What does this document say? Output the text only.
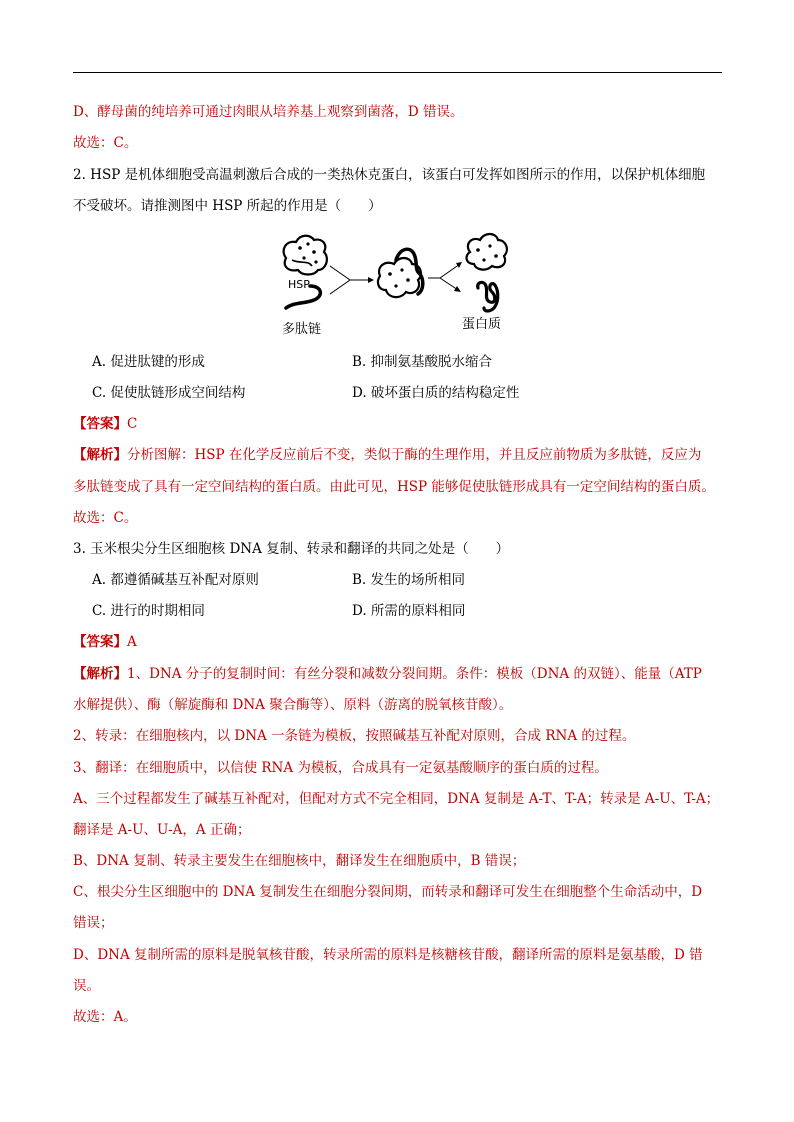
D、酵母菌的纯培养可通过肉眼从培养基上观察到菌落，D 错误。
故选：C。
2. HSP 是机体细胞受高温刺激后合成的一类热休克蛋白，该蛋白可发挥如图所示的作用，以保护机体细胞
不受破坏。请推测图中 HSP 所起的作用是（　　）
HSP
多肽链	蛋白质
A. 促进肽键的形成	B. 抑制氨基酸脱水缩合
C. 促使肽链形成空间结构	D. 破坏蛋白质的结构稳定性
【答案】C
【解析】分析图解：HSP 在化学反应前后不变，类似于酶的生理作用，并且反应前物质为多肽链，反应为
多肽链变成了具有一定空间结构的蛋白质。由此可见，HSP 能够促使肽链形成具有一定空间结构的蛋白质。
故选：C。
3. 玉米根尖分生区细胞核 DNA 复制、转录和翻译的共同之处是（　　）
A. 都遵循碱基互补配对原则	B. 发生的场所相同
C. 进行的时期相同	D. 所需的原料相同
【答案】A
【解析】1、DNA 分子的复制时间：有丝分裂和减数分裂间期。条件：模板（DNA 的双链）、能量（ATP
水解提供）、酶（解旋酶和 DNA 聚合酶等）、原料（游离的脱氧核苷酸）。
2、转录：在细胞核内，以 DNA 一条链为模板，按照碱基互补配对原则，合成 RNA 的过程。
3、翻译：在细胞质中，以信使 RNA 为模板，合成具有一定氨基酸顺序的蛋白质的过程。
A、三个过程都发生了碱基互补配对，但配对方式不完全相同，DNA 复制是 A-T、T-A；转录是 A-U、T-A；
翻译是 A-U、U-A，A 正确；
B、DNA 复制、转录主要发生在细胞核中，翻译发生在细胞质中，B 错误；
C、根尖分生区细胞中的 DNA 复制发生在细胞分裂间期，而转录和翻译可发生在细胞整个生命活动中，D
错误；
D、DNA 复制所需的原料是脱氧核苷酸，转录所需的原料是核糖核苷酸，翻译所需的原料是氨基酸，D 错
误。
故选：A。
